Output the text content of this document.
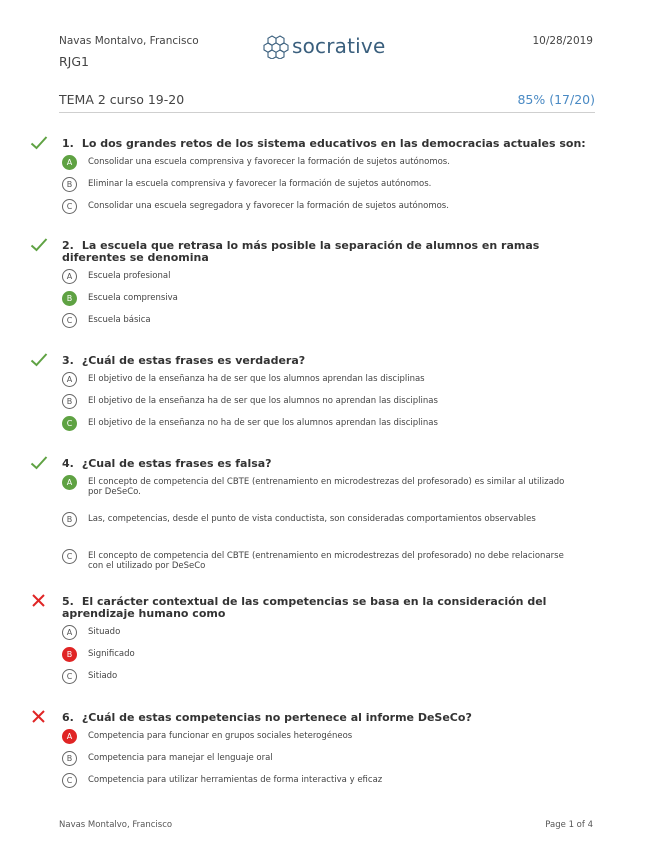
Navas Montalvo, Francisco
RJG1
socrative	10/28/2019
TEMA 2 curso 19-20	85% (17/20)
1. Lo dos grandes retos de los sistema educativos en las democracias actuales son:
A	Consolidar una escuela comprensiva y favorecer la formación de sujetos autónomos.
B	Eliminar la escuela comprensiva y favorecer la formación de sujetos autónomos.
C	Consolidar una escuela segregadora y favorecer la formación de sujetos autónomos.
2. La escuela que retrasa lo más posible la separación de alumnos en ramas diferentes se denomina
A	Escuela profesional
B	Escuela comprensiva
C	Escuela básica
3. ¿Cuál de estas frases es verdadera?
A	El objetivo de la enseñanza ha de ser que los alumnos aprendan las disciplinas
B	El objetivo de la enseñanza ha de ser que los alumnos no aprendan las disciplinas
C	El objetivo de la enseñanza no ha de ser que los alumnos aprendan las disciplinas
4. ¿Cual de estas frases es falsa?
A	El concepto de competencia del CBTE (entrenamiento en microdestrezas del profesorado) es similar al utilizado por DeSeCo.
B	Las, competencias, desde el punto de vista conductista, son consideradas comportamientos observables
C	El concepto de competencia del CBTE (entrenamiento en microdestrezas del profesorado) no debe relacionarse con el utilizado por DeSeCo
5. El carácter contextual de las competencias se basa en la consideración del aprendizaje humano como
A	Situado
B	Significado
C	Sitiado
6. ¿Cuál de estas competencias no pertenece al informe DeSeCo?
A	Competencia para funcionar en grupos sociales heterogéneos
B	Competencia para manejar el lenguaje oral
C	Competencia para utilizar herramientas de forma interactiva y eficaz
Navas Montalvo, Francisco	Page 1 of 4
